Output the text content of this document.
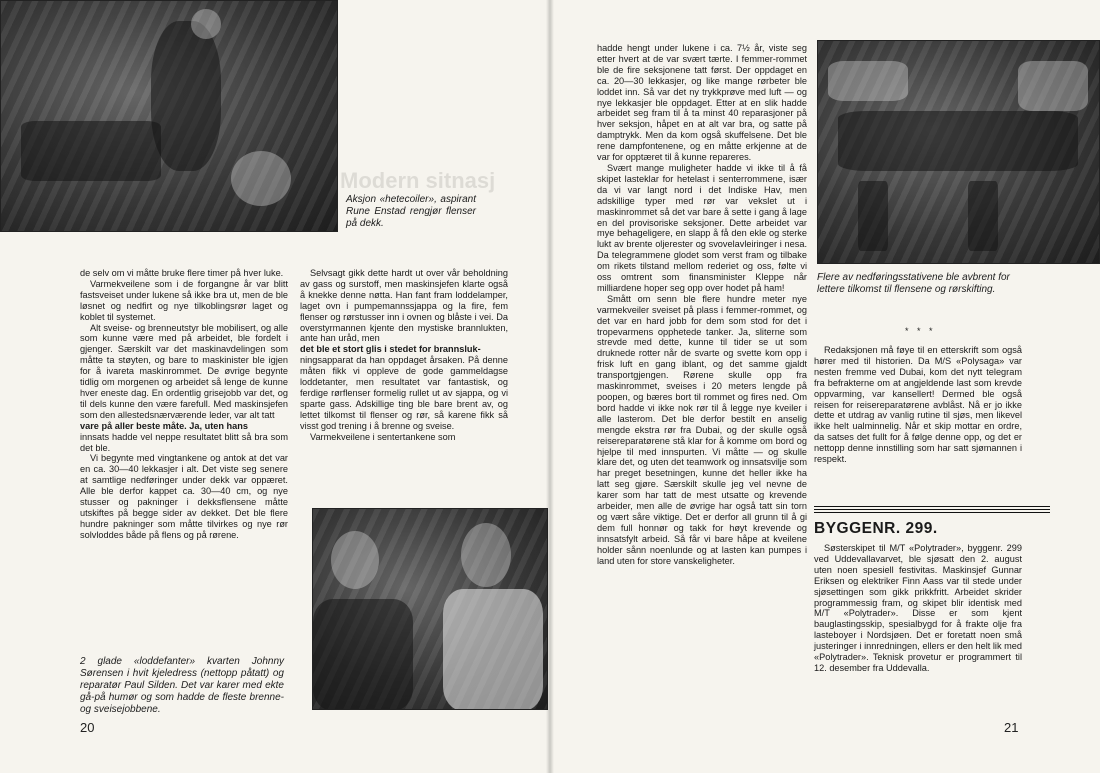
Modern sitnasj
Aksjon «hetecoiler», aspirant Rune Enstad rengjør flenser på dekk.

de selv om vi måtte bruke flere timer på hver luke.

Varmekveilene som i de forgangne år var blitt fastsveiset under lukene så ikke bra ut, men de ble løsnet og nedfirt og nye tilkoblingsrør laget og koblet til systemet.

Alt sveise- og brenneutstyr ble mobilisert, og alle som kunne være med på arbeidet, ble fordelt i gjenger. Særskilt var det maskinavdelingen som måtte ta støyten, og bare to maskinister ble igjen for å ivareta maskinrommet. De øvrige begynte tidlig om morgenen og arbeidet så lenge de kunne hver eneste dag. En ordentlig grisejobb var det, og til dels kunne den være farefull. Med maskinsjefen som den allestedsnærværende leder, var alt tatt

vare på aller beste måte. Ja, uten hans

innsats hadde vel neppe resultatet blitt så bra som det ble.

Vi begynte med vingtankene og antok at det var en ca. 30—40 lekkasjer i alt. Det viste seg senere at samtlige nedføringer under dekk var oppæret. Alle ble derfor kappet ca. 30—40 cm, og nye stusser og pakninger i dekksflensene måtte utskiftes på begge sider av dekket. Det ble flere hundre pakninger som måtte tilvirkes og nye rør solvloddes både på flens og på rørene.

Selvsagt gikk dette hardt ut over vår beholdning av gass og surstoff, men maskinsjefen klarte også å knekke denne nøtta. Han fant fram loddelamper, laget ovn i pumpemannssjappa og la fire, fem flenser og rørstusser inn i ovnen og blåste i vei. Da overstyrmannen kjente den mystiske brannlukten, ante han uråd, men

det ble et stort glis i stedet for brannsluk-

ningsapparat da han oppdaget årsaken. På denne måten fikk vi oppleve de gode gammeldagse loddetanter, men resultatet var fantastisk, og ferdige rørflenser formelig rullet ut av sjappa, og vi sparte gass. Adskillige ting ble bare brent av, og lettet tilkomst til flenser og rør, så karene fikk så visst god trening i å brenne og sveise.

Varmekveilene i sentertankene som

2 glade «loddefanter» kvarten Johnny Sørensen i hvit kjeledress (nettopp påtatt) og reparatør Paul Silden. Det var karer med ekte gå-på humør og som hadde de fleste brenne- og sveisejobbene.
20

hadde hengt under lukene i ca. 7½ år, viste seg etter hvert at de var svært tærte. I femmer-rommet ble de fire seksjonene tatt først. Der oppdaget en ca. 20—30 lekkasjer, og like mange rørbeter ble loddet inn. Så var det ny trykkprøve med luft — og nye lekkasjer ble oppdaget. Etter at en slik hadde arbeidet seg fram til å ta minst 40 reparasjoner på hver seksjon, håpet en at alt var bra, og satte på damptrykk. Men da kom også skuffelsene. Det ble rene dampfontenene, og en måtte erkjenne at de var for opptæret til å kunne repareres.

Svært mange muligheter hadde vi ikke til å få skipet lasteklar for hetelast i senterrommene, især da vi var langt nord i det Indiske Hav, men adskillige typer med rør var vekslet ut i maskinrommet så det var bare å sette i gang å lage en del provisoriske seksjoner. Dette arbeidet var mye behageligere, en slapp å få den ekle og sterke lukt av brente oljerester og svovelavleiringer i nesa. Da telegrammene glodet som verst fram og tilbake om rikets tilstand mellom rederiet og oss, følte vi oss omtrent som finansminister Kleppe når milliardene hoper seg opp over hodet på ham!

Smått om senn ble flere hundre meter nye varmekveiler sveiset på plass i femmer-rommet, og det var en hard jobb for dem som stod for det i tropevarmens opphetede tanker. Ja, sliterne som strevde med dette, kunne til tider se ut som druknede rotter når de svarte og svette kom opp i frisk luft en gang iblant, og det samme gjaldt transportgjengen. Rørene skulle opp fra maskinrommet, sveises i 20 meters lengde på poopen, og bæres bort til rommet og fires ned. Om bord hadde vi ikke nok rør til å legge nye kveiler i alle lasterom. Det ble derfor bestilt en anselig mengde ekstra rør fra Dubai, og der skulle også reisereparatørene stå klar for å komme om bord og hjelpe til med innspurten. Vi måtte — og skulle klare det, og uten det teamwork og innsatsvilje som har preget besetningen, kunne det heller ikke ha latt seg gjøre. Særskilt skulle jeg vel nevne de karer som har tatt de mest utsatte og krevende arbeider, men alle de øvrige har også tatt sin torn og vært såre viktige. Det er derfor all grunn til å gi dem full honnør og takk for høyt krevende og innsatsfylt arbeid. Så får vi bare håpe at kveilene holder sånn noenlunde og at lasten kan pumpes i land uten for store vanskeligheter.

Flere av nedføringsstativene ble avbrent for lettere tilkomst til flensene og rørskifting.
* * *

Redaksjonen må føye til en etterskrift som også hører med til historien. Da M/S «Polysaga» var nesten fremme ved Dubai, kom det nytt telegram fra befrakterne om at angjeldende last som krevde oppvarming, var kansellert! Dermed ble også reisen for reisereparatørene avblåst. Nå er jo ikke dette et utdrag av vanlig rutine til sjøs, men likevel ikke helt ualminnelig. Når et skip mottar en ordre, da satses det fullt for å følge denne opp, og det er nettopp denne innstilling som har satt sjømannen i respekt.

BYGGENR. 299.

Søsterskipet til M/T «Polytrader», byggenr. 299 ved Uddevallavarvet, ble sjøsatt den 2. august uten noen spesiell festivitas. Maskinsjef Gunnar Eriksen og elektriker Finn Aass var til stede under sjøsettingen som gikk prikkfritt. Arbeidet skrider programmessig fram, og skipet blir identisk med M/T «Polytrader». Disse er som kjent bauglastingsskip, spesialbygd for å frakte olje fra lasteboyer i Nordsjøen. Det er foretatt noen små justeringer i innredningen, ellers er den helt lik med «Polytrader». Teknisk provetur er programmert til 12. desember fra Uddevalla.

21
